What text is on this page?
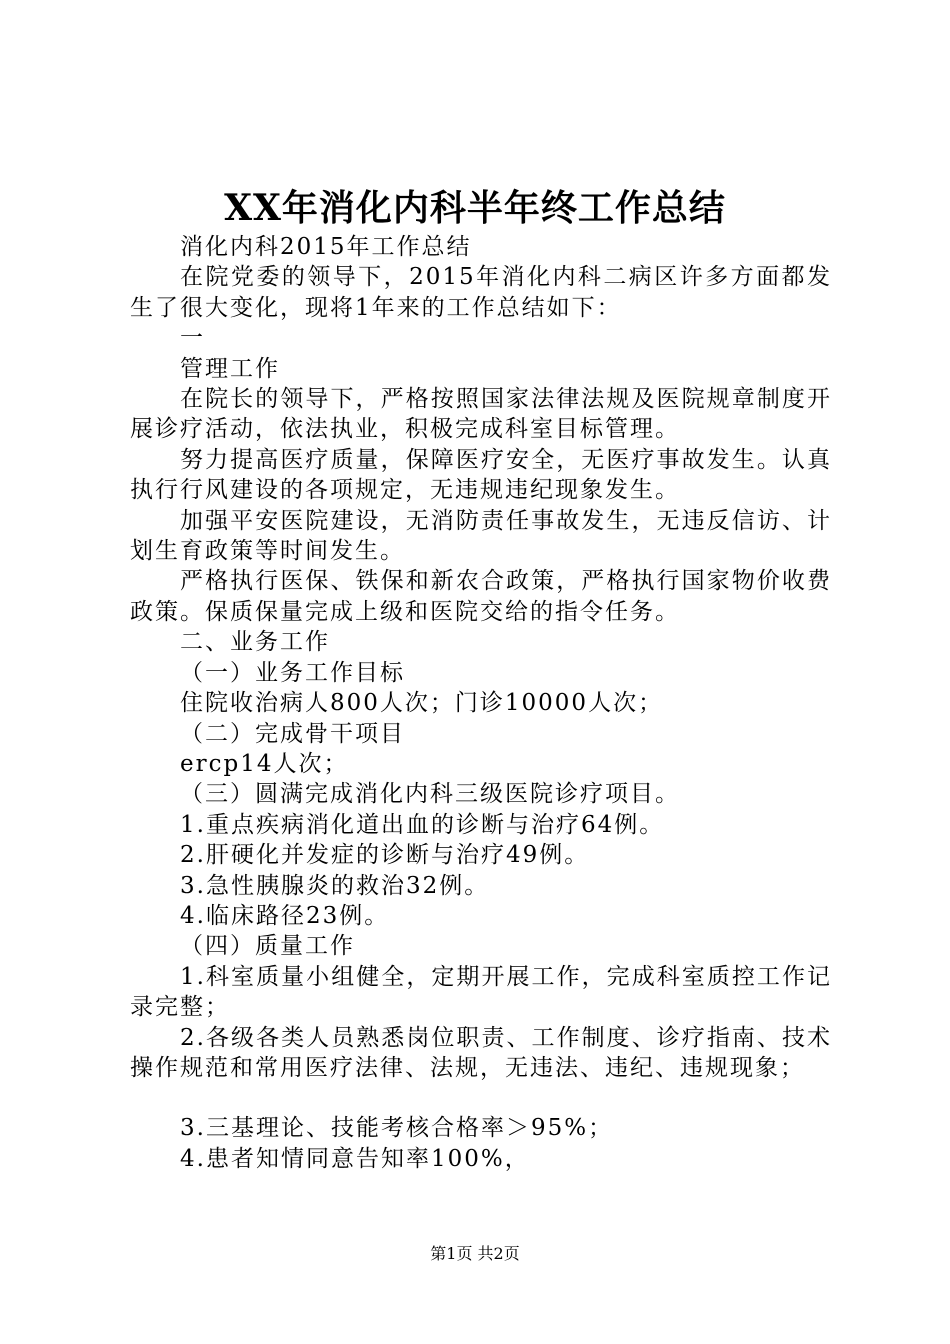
XX年消化内科半年终工作总结

消化内科2015年工作总结

在院党委的领导下，2015年消化内科二病区许多方面都发生了很大变化，现将1年来的工作总结如下：

一

管理工作

在院长的领导下，严格按照国家法律法规及医院规章制度开展诊疗活动，依法执业，积极完成科室目标管理。

努力提高医疗质量，保障医疗安全，无医疗事故发生。认真执行行风建设的各项规定，无违规违纪现象发生。

加强平安医院建设，无消防责任事故发生，无违反信访、计划生育政策等时间发生。

严格执行医保、铁保和新农合政策，严格执行国家物价收费政策。保质保量完成上级和医院交给的指令任务。

二、业务工作

（一）业务工作目标

住院收治病人800人次；门诊10000人次；

（二）完成骨干项目

ercp14人次；

（三）圆满完成消化内科三级医院诊疗项目。

1.重点疾病消化道出血的诊断与治疗64例。

2.肝硬化并发症的诊断与治疗49例。

3.急性胰腺炎的救治32例。

4.临床路径23例。

（四）质量工作

1.科室质量小组健全，定期开展工作，完成科室质控工作记录完整；

2.各级各类人员熟悉岗位职责、工作制度、诊疗指南、技术操作规范和常用医疗法律、法规，无违法、违纪、违规现象；

3.三基理论、技能考核合格率＞95%；

4.患者知情同意告知率100%，

第1页 共2页
